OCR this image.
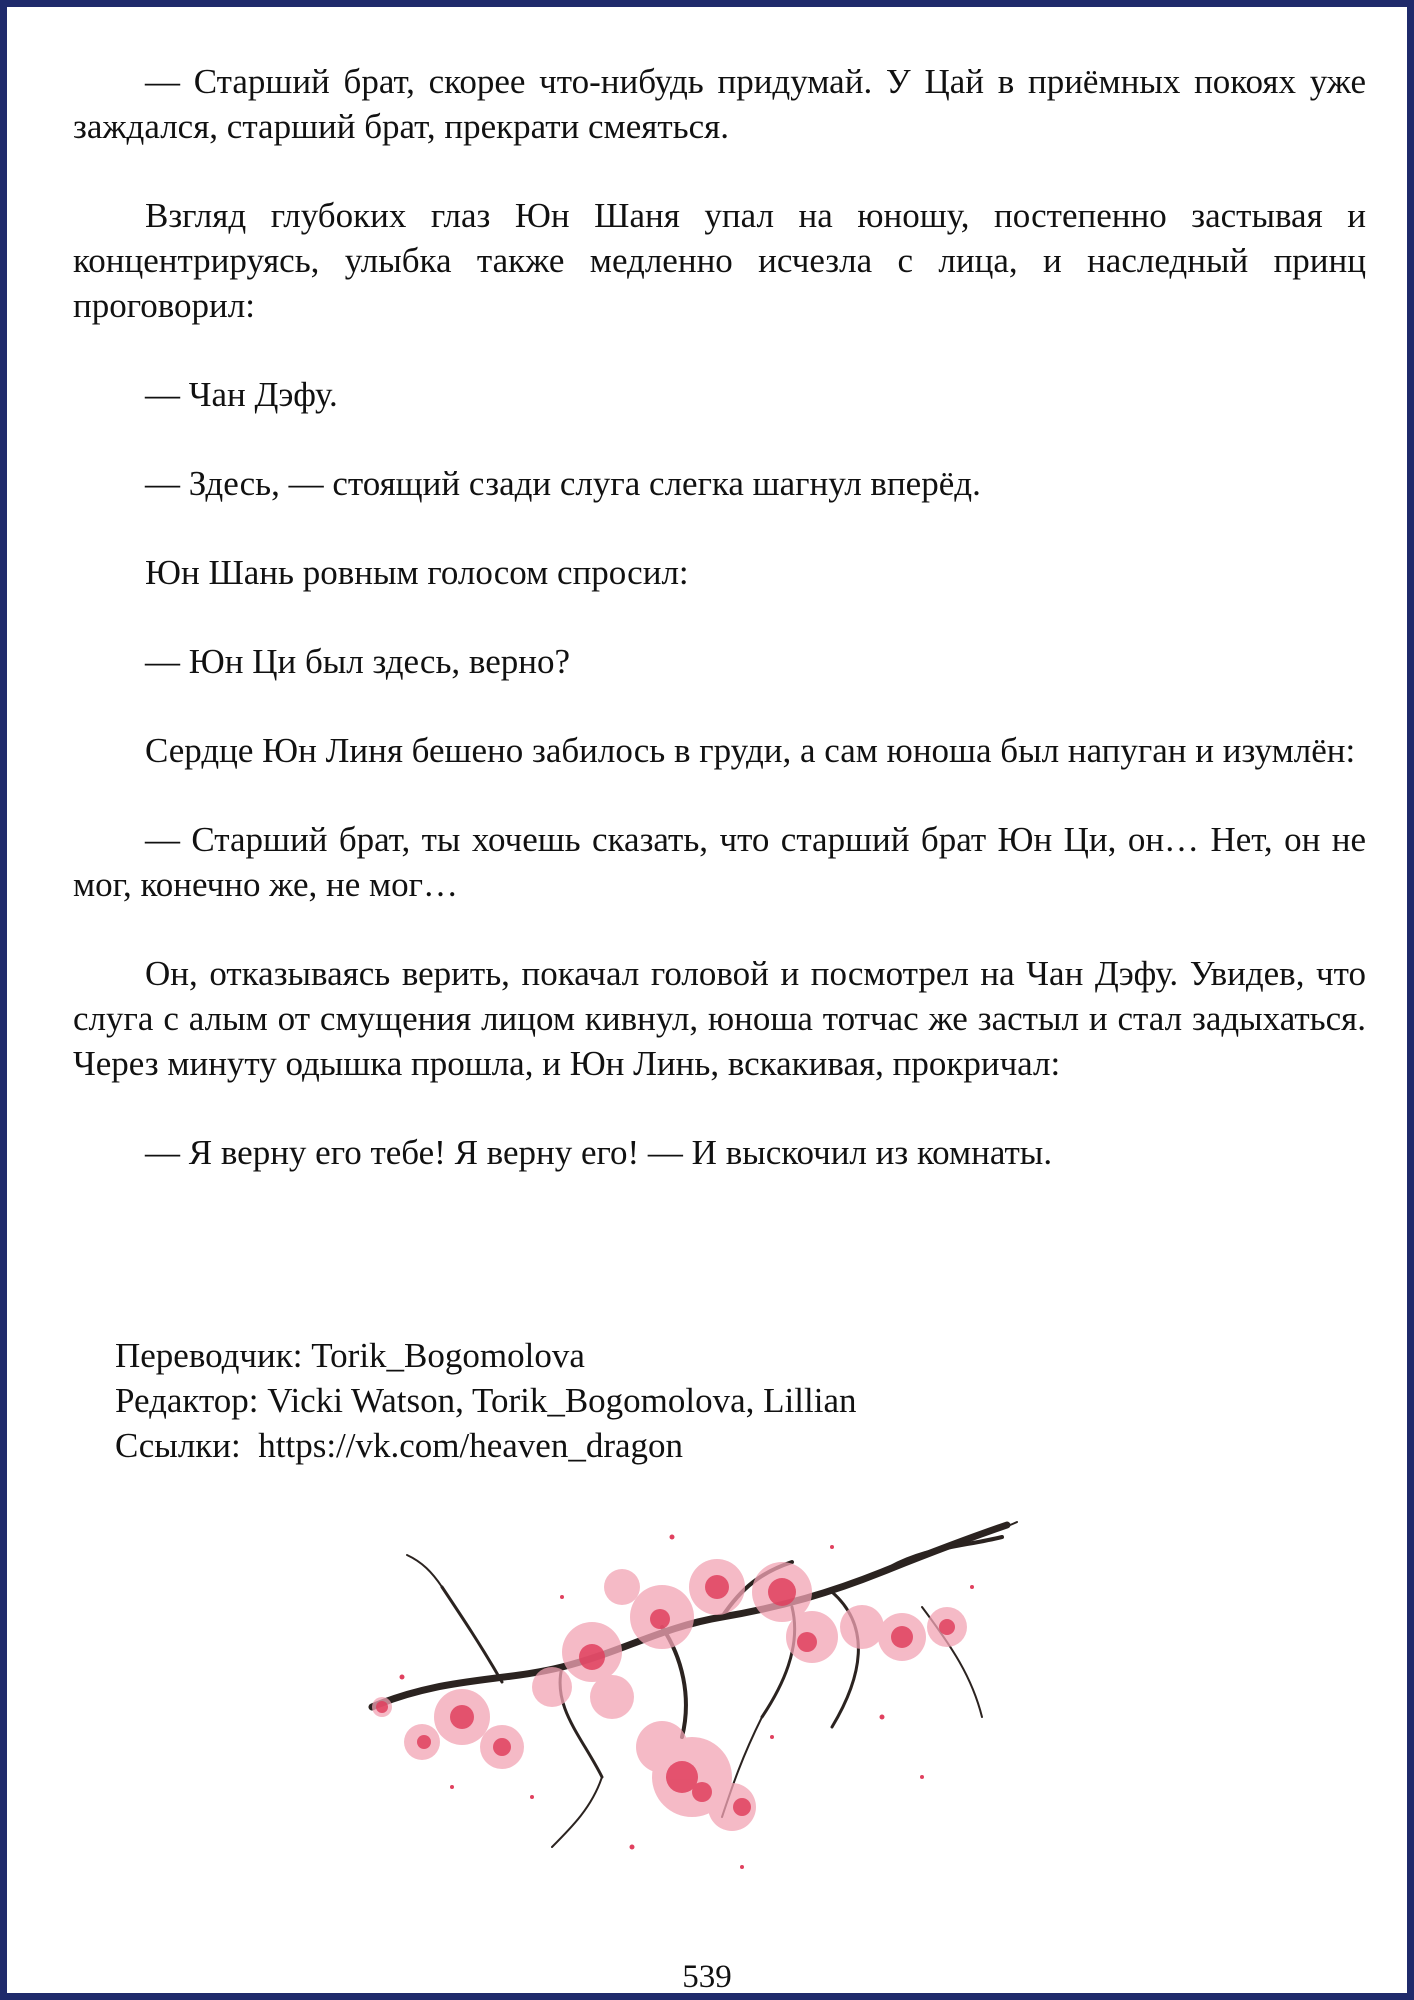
— Старший брат, скорее что-нибудь придумай. У Цай в приёмных покоях уже заждался, старший брат, прекрати смеяться.

Взгляд глубоких глаз Юн Шаня упал на юношу, постепенно застывая и концентрируясь, улыбка также медленно исчезла с лица, и наследный принц проговорил:

— Чан Дэфу.

— Здесь, — стоящий сзади слуга слегка шагнул вперёд.

Юн Шань ровным голосом спросил:

— Юн Ци был здесь, верно?

Сердце Юн Линя бешено забилось в груди, а сам юноша был напуган и изумлён:

— Старший брат, ты хочешь сказать, что старший брат Юн Ци, он… Нет, он не мог, конечно же, не мог…

Он, отказываясь верить, покачал головой и посмотрел на Чан Дэфу. Увидев, что слуга с алым от смущения лицом кивнул, юноша тотчас же застыл и стал задыхаться. Через минуту одышка прошла, и Юн Линь, вскакивая, прокричал:

— Я верну его тебе! Я верну его! — И выскочил из комнаты.

Переводчик: Torik_Bogomolova
Редактор: Vicki Watson, Torik_Bogomolova, Lillian
Ссылки:  https://vk.com/heaven_dragon
539
